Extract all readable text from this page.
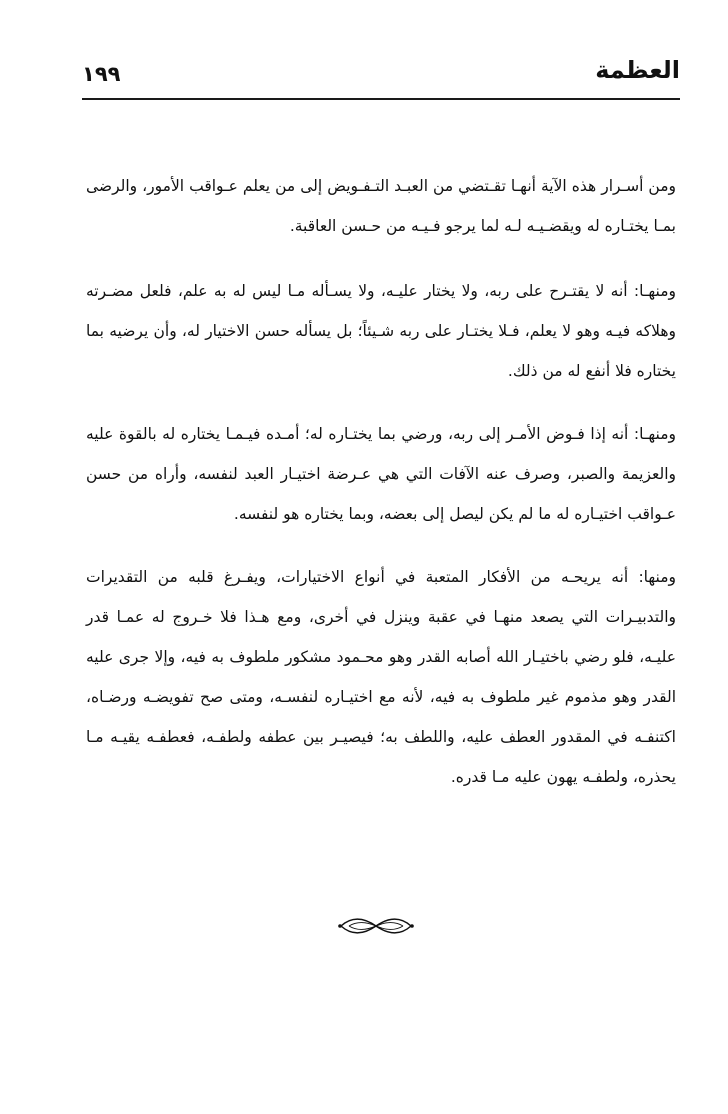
١٩٩	العظمة

ومن أسـرار هذه الآية أنهـا تقـتضي من العبـد التـفـويض إلى من يعلم عـواقب الأمور، والرضى بمـا يختـاره له ويقضـيـه لـه لما يرجو فـيـه من حـسن العاقبة.

ومنهـا: أنه لا يقتـرح على ربه، ولا يختار عليـه، ولا يسـأله مـا ليس له به علم، فلعل مضـرته وهلاكه فيـه وهو لا يعلم، فـلا يختـار على ربه شـيئاً؛ بل يسأله حسن الاختيار له، وأن يرضيه بما يختاره فلا أنفع له من ذلك.

ومنهـا: أنه إذا فـوض الأمـر إلى ربه، ورضي بما يختـاره له؛ أمـده فيـمـا يختاره له بالقوة عليه والعزيمة والصبر، وصرف عنه الآفات التي هي عـرضة اختيـار العبد لنفسه، وأراه من حسن عـواقب اختيـاره له ما لم يكن ليصل إلى بعضه، وبما يختاره هو لنفسه.

ومنها: أنه يريحـه من الأفكار المتعبة في أنواع الاختيارات، ويفـرغ قلبه من التقديرات والتدبيـرات التي يصعد منهـا في عقبة وينزل في أخرى، ومع هـذا فلا خـروج له عمـا قدر عليـه، فلو رضي باختيـار الله أصابه القدر وهو محـمود مشكور ملطوف به فيه، وإلا جرى عليه القدر وهو مذموم غير ملطوف به فيه، لأنه مع اختيـاره لنفسـه، ومتى صح تفويضـه ورضـاه، اكتنفـه في المقدور العطف عليه، واللطف به؛ فيصيـر بين عطفه ولطفـه، فعطفـه يقيـه مـا يحذره، ولطفـه يهون عليه مـا قدره.
